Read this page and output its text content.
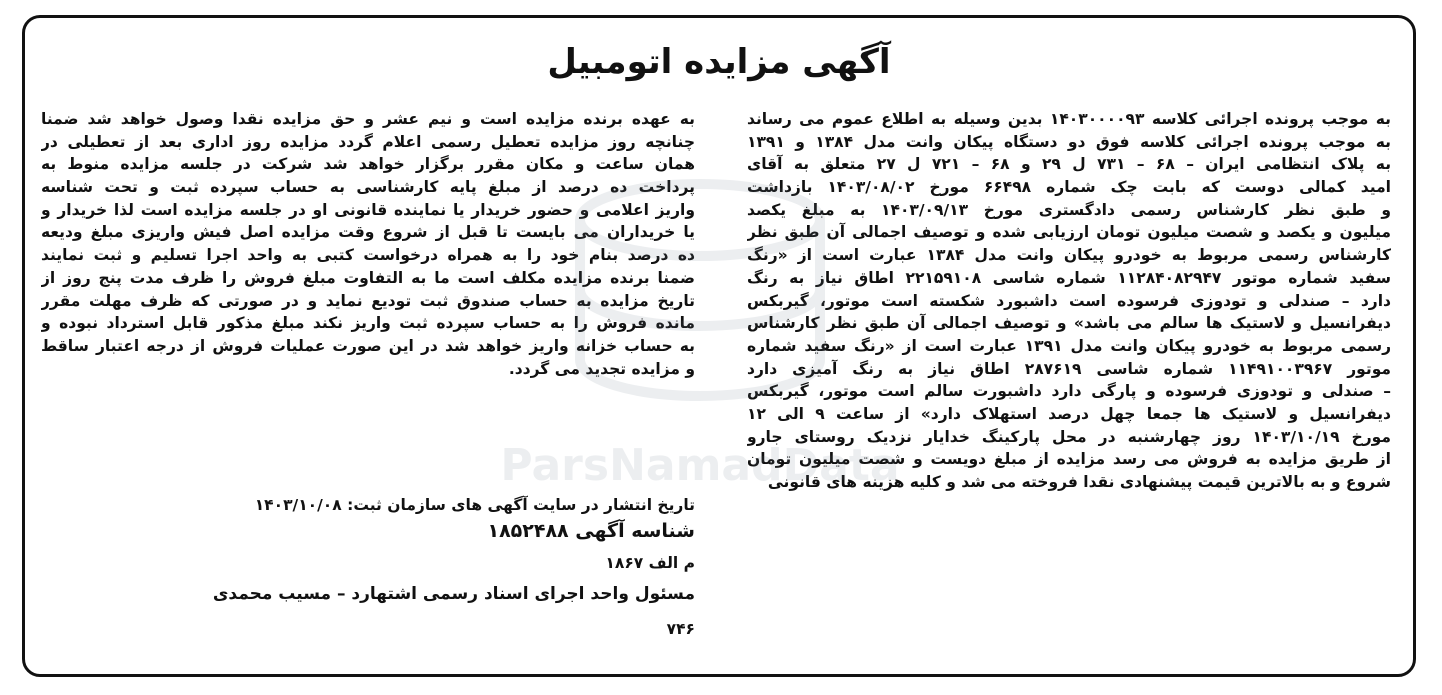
آگهی مزایده اتومبیل
به موجب پرونده اجرائی کلاسه ۱۴۰۳۰۰۰۰۹۳ بدین وسیله به اطلاع عموم می رساند
به موجب پرونده اجرائی کلاسه فوق دو دستگاه پیکان وانت مدل ۱۳۸۴ و ۱۳۹۱
به پلاک انتظامی ایران – ۶۸ – ۷۳۱ ل ۲۹ و ۶۸ – ۷۲۱ ل ۲۷ متعلق به آقای
امید کمالی دوست که بابت چک شماره ۶۶۴۹۸ مورخ ۱۴۰۳/۰۸/۰۲ بازداشت
و طبق نظر کارشناس رسمی دادگستری مورخ ۱۴۰۳/۰۹/۱۳ به مبلغ یکصد
میلیون و یکصد و شصت میلیون تومان ارزیابی شده و توصیف اجمالی آن طبق نظر
کارشناس رسمی مربوط به خودرو پیکان وانت مدل ۱۳۸۴ عبارت است از «رنگ
سفید شماره موتور ۱۱۲۸۴۰۸۲۹۴۷ شماره شاسی ۲۲۱۵۹۱۰۸ اطاق نیاز به رنگ
دارد – صندلی و تودوزی فرسوده است داشبورد شکسته است موتور، گیربکس
دیفرانسیل و لاستیک ها سالم می باشد» و توصیف اجمالی آن طبق نظر کارشناس
رسمی مربوط به خودرو پیکان وانت مدل ۱۳۹۱ عبارت است از «رنگ سفید شماره
موتور ۱۱۴۹۱۰۰۳۹۶۷ شماره شاسی ۲۸۷۶۱۹ اطاق نیاز به رنگ آمیزی دارد
– صندلی و تودوزی فرسوده و پارگی دارد داشبورت سالم است موتور، گیربکس
دیفرانسیل و لاستیک ها جمعا چهل درصد استهلاک دارد» از ساعت ۹ الی ۱۲
مورخ ۱۴۰۳/۱۰/۱۹ روز چهارشنبه در محل پارکینگ خدایار نزدیک روستای جارو
از طریق مزایده به فروش می رسد مزایده از مبلغ دویست و شصت میلیون تومان
شروع و به بالاترین قیمت پیشنهادی نقدا فروخته می شد و کلیه هزینه های قانونی
به عهده برنده مزایده است و نیم عشر و حق مزایده نقدا وصول خواهد شد ضمنا
چنانچه روز مزایده تعطیل رسمی اعلام گردد مزایده روز اداری بعد از تعطیلی در
همان ساعت و مکان مقرر برگزار خواهد شد شرکت در جلسه مزایده منوط به
پرداخت ده درصد از مبلغ پایه کارشناسی به حساب سپرده ثبت و تحت شناسه
واریز اعلامی و حضور خریدار یا نماینده قانونی او در جلسه مزایده است لذا خریدار و
یا خریداران می بایست تا قبل از شروع وقت مزایده اصل فیش واریزی مبلغ ودیعه
ده درصد بنام خود را به همراه درخواست کتبی به واحد اجرا تسلیم و ثبت نمایند
ضمنا برنده مزایده مکلف است ما به التفاوت مبلغ فروش را ظرف مدت پنج روز از
تاریخ مزایده به حساب صندوق ثبت تودیع نماید و در صورتی که ظرف مهلت مقرر
مانده فروش را به حساب سپرده ثبت واریز نکند مبلغ مذکور قابل استرداد نبوده و
به حساب خزانه واریز خواهد شد در این صورت عملیات فروش از درجه اعتبار ساقط
و مزایده تجدید می گردد.
تاریخ انتشار در سایت آگهی های سازمان ثبت: ۱۴۰۳/۱۰/۰۸
شناسه آگهی ۱۸۵۲۴۸۸
م الف ۱۸۶۷
مسئول واحد اجرای اسناد رسمی اشتهارد – مسیب محمدی
۷۴۶
ParsNamadData
